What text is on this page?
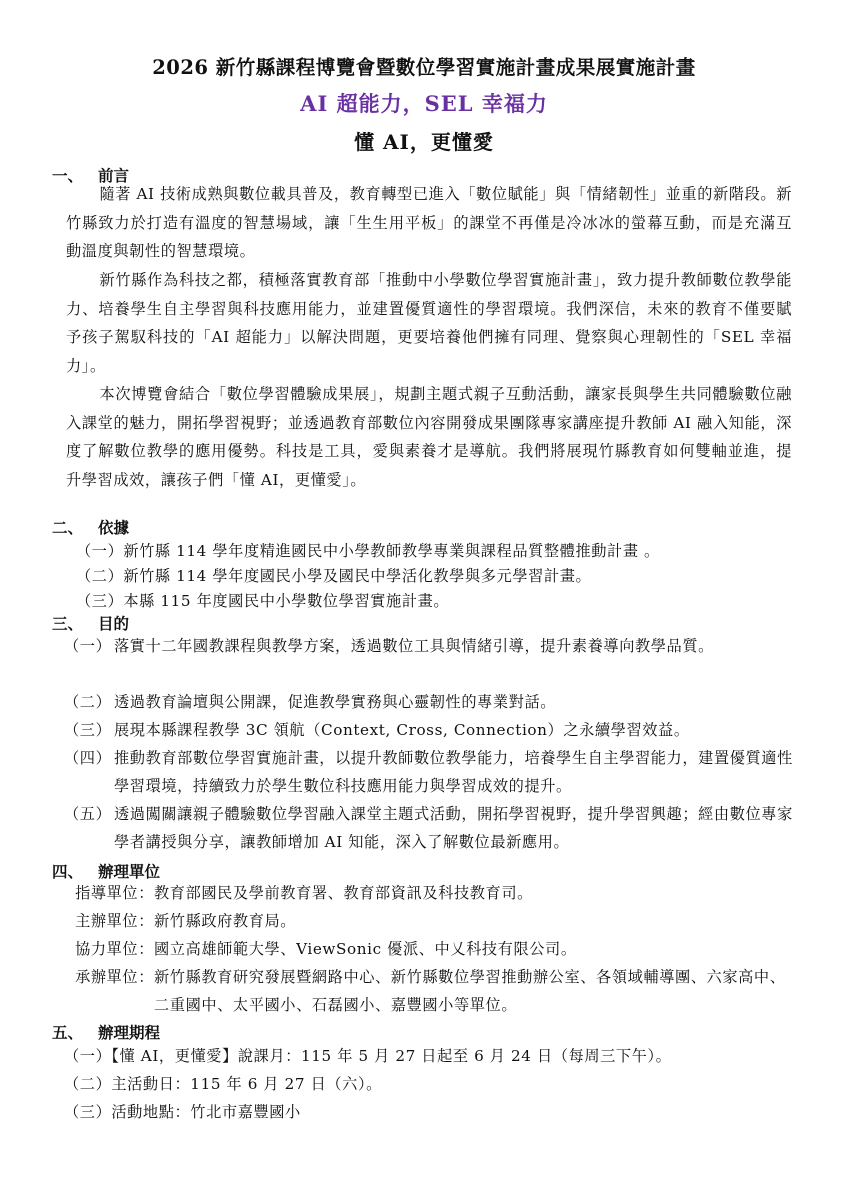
2026 新竹縣課程博覽會暨數位學習實施計畫成果展實施計畫
AI 超能力，SEL 幸福力
懂 AI，更懂愛
一、 前言
隨著 AI 技術成熟與數位載具普及，教育轉型已進入「數位賦能」與「情緒韌性」並重的新階段。新竹縣致力於打造有溫度的智慧場域，讓「生生用平板」的課堂不再僅是冷冰冰的螢幕互動，而是充滿互動溫度與韌性的智慧環境。
新竹縣作為科技之都，積極落實教育部「推動中小學數位學習實施計畫」，致力提升教師數位教學能力、培養學生自主學習與科技應用能力，並建置優質適性的學習環境。我們深信，未來的教育不僅要賦予孩子駕馭科技的「AI 超能力」以解決問題，更要培養他們擁有同理、覺察與心理韌性的「SEL 幸福力」。
本次博覽會結合「數位學習體驗成果展」，規劃主題式親子互動活動，讓家長與學生共同體驗數位融入課堂的魅力，開拓學習視野；並透過教育部數位內容開發成果團隊專家講座提升教師 AI 融入知能，深度了解數位教學的應用優勢。科技是工具，愛與素養才是導航。我們將展現竹縣教育如何雙軸並進，提升學習成效，讓孩子們「懂 AI，更懂愛」。
二、 依據
（一）新竹縣 114 學年度精進國民中小學教師教學專業與課程品質整體推動計畫 。
（二）新竹縣 114 學年度國民小學及國民中學活化教學與多元學習計畫。
（三）本縣 115 年度國民中小學數位學習實施計畫。
三、 目的
（一） 落實十二年國教課程與教學方案，透過數位工具與情緒引導，提升素養導向教學品質。
（二） 透過教育論壇與公開課，促進教學實務與心靈韌性的專業對話。
（三） 展現本縣課程教學 3C 領航（Context, Cross, Connection）之永續學習效益。
（四） 推動教育部數位學習實施計畫，以提升教師數位教學能力，培養學生自主學習能力，建置優質適性學習環境，持續致力於學生數位科技應用能力與學習成效的提升。
（五） 透過闖關讓親子體驗數位學習融入課堂主題式活動，開拓學習視野，提升學習興趣；經由數位專家學者講授與分享，讓教師增加 AI 知能，深入了解數位最新應用。
四、 辦理單位
指導單位： 教育部國民及學前教育署、教育部資訊及科技教育司。
主辦單位： 新竹縣政府教育局。
協力單位： 國立高雄師範大學、ViewSonic 優派、中乂科技有限公司。
承辦單位： 新竹縣教育研究發展暨網路中心、新竹縣數位學習推動辦公室、各領域輔導團、六家高中、二重國中、太平國小、石磊國小、嘉豐國小等單位。
五、 辦理期程
（一）【懂 AI，更懂愛】說課月：115 年 5 月 27 日起至 6 月 24 日（每周三下午）。
（二）主活動日：115 年 6 月 27 日（六）。
（三）活動地點：竹北市嘉豐國小
